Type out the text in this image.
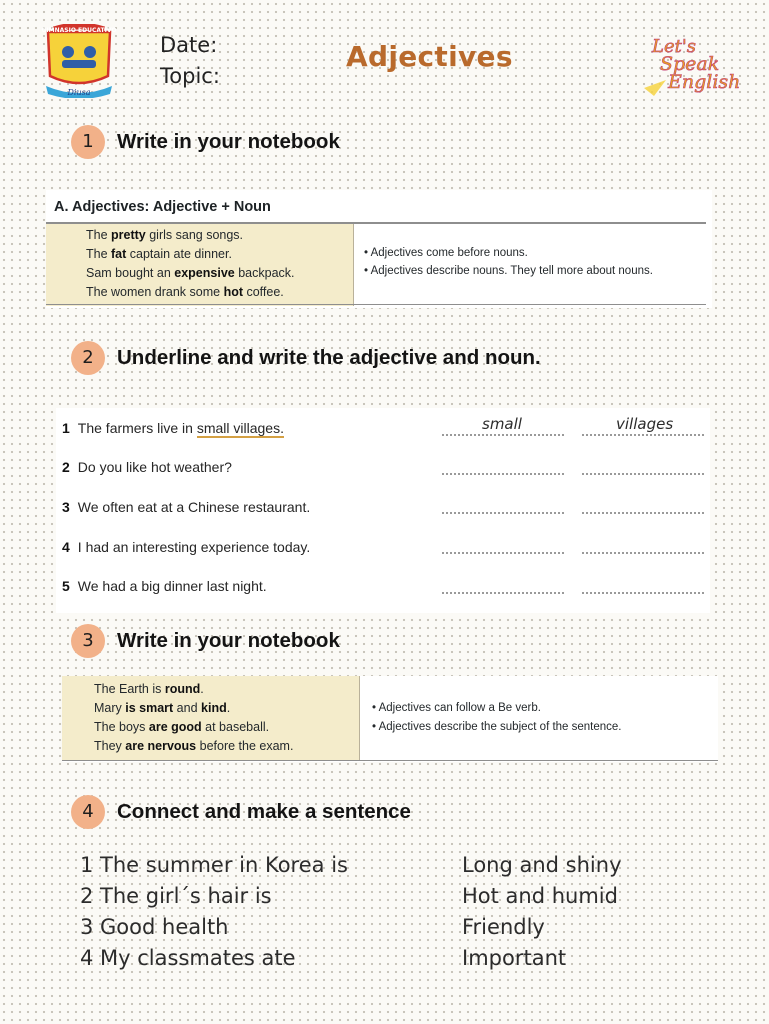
GIMNASIO EDUCATIVO
Diusa
Date:
Topic:
Adjectives	Let's
Speak
English
1	Write in your notebook
A. Adjectives: Adjective + Noun
The pretty girls sang songs.
The fat captain ate dinner.
Sam bought an expensive backpack.
The women drank some hot coffee.
• Adjectives come before nouns.
• Adjectives describe nouns. They tell more about nouns.
2	Underline and write the adjective and noun.
1 The farmers live in small villages.	small	villages
2 Do you like hot weather?
3 We often eat at a Chinese restaurant.
4 I had an interesting experience today.
5 We had a big dinner last night.
3	Write in your notebook
The Earth is round.
Mary is smart and kind.
The boys are good at baseball.
They are nervous before the exam.
• Adjectives can follow a Be verb.
• Adjectives describe the subject of the sentence.
4	Connect and make a sentence
1 The summer in Korea is
2 The girl´s hair is
3 Good health
4 My classmates ate
Long and shiny
Hot and humid
Friendly
Important
